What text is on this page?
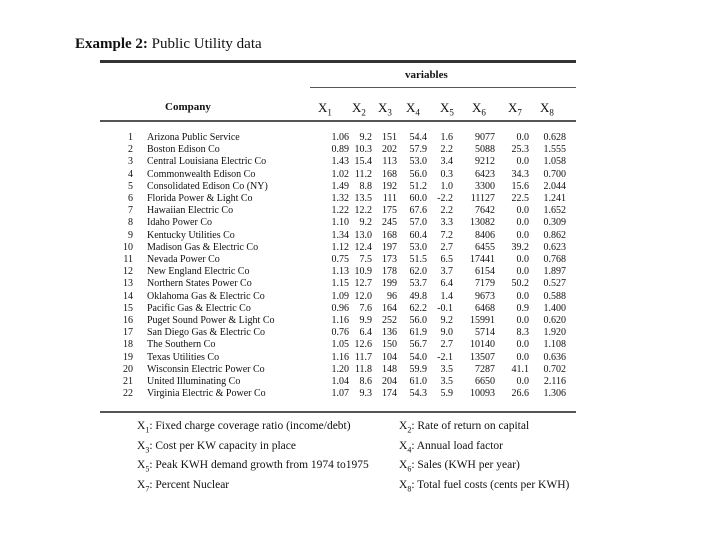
Example 2: Public Utility data
variables
Company	$X_1$ $X_2$ $X_3$ $X_4$ $X_5$ $X_6$ $X_7$ $X_8$
1 Arizona Public Service	1.06	9.2	151	54.4	1.6	9077	0.0	0.628
2 Boston Edison Co	0.89 10.3	202	57.9	2.2	5088	25.3	1.555
3 Central Louisiana Electric Co	1.43 15.4	113	53.0	3.4	9212	0.0	1.058
4 Commonwealth Edison Co	1.02 11.2	168	56.0	0.3	6423	34.3	0.700
5 Consolidated Edison Co (NY)	1.49	8.8	192	51.2	1.0	3300	15.6	2.044
6 Florida Power & Light Co	1.32 13.5	111	60.0	-2.2	11127	22.5	1.241
7 Hawaiian Electric Co	1.22 12.2	175	67.6	2.2	7642	0.0	1.652
8 Idaho Power Co	1.10	9.2	245	57.0	3.3	13082	0.0	0.309
9 Kentucky Utilities Co	1.34 13.0	168	60.4	7.2	8406	0.0	0.862
10 Madison Gas & Electric Co	1.12 12.4	197	53.0	2.7	6455	39.2	0.623
11 Nevada Power Co	0.75	7.5	173	51.5	6.5	17441	0.0	0.768
12 New England Electric Co	1.13 10.9	178	62.0	3.7	6154	0.0	1.897
13 Northern States Power Co	1.15 12.7	199	53.7	6.4	7179	50.2	0.527
14 Oklahoma Gas & Electric Co	1.09 12.0	96	49.8	1.4	9673	0.0	0.588
15 Pacific Gas & Electric Co	0.96	7.6	164	62.2	-0.1	6468	0.9	1.400
16 Puget Sound Power & Light Co	1.16	9.9	252	56.0	9.2	15991	0.0	0.620
17 San Diego Gas & Electric Co	0.76	6.4	136	61.9	9.0	5714	8.3	1.920
18 The Southern Co	1.05 12.6	150	56.7	2.7	10140	0.0	1.108
19 Texas Utilities Co	1.16 11.7	104	54.0	-2.1	13507	0.0	0.636
20 Wisconsin Electric Power Co	1.20 11.8	148	59.9	3.5	7287	41.1	0.702
21 United Illuminating Co	1.04	8.6	204	61.0	3.5	6650	0.0	2.116
22 Virginia Electric & Power Co	1.07	9.3	174	54.3	5.9	10093	26.6	1.306
$X_1$: Fixed charge coverage ratio (income/debt)	$X_2$: Rate of return on capital
$X_3$: Cost per KW capacity in place	$X_4$: Annual load factor
$X_5$: Peak KWH demand growth from 1974 to1975	$X_6$: Sales (KWH per year)
$X_7$: Percent Nuclear	$X_8$: Total fuel costs (cents per KWH)
